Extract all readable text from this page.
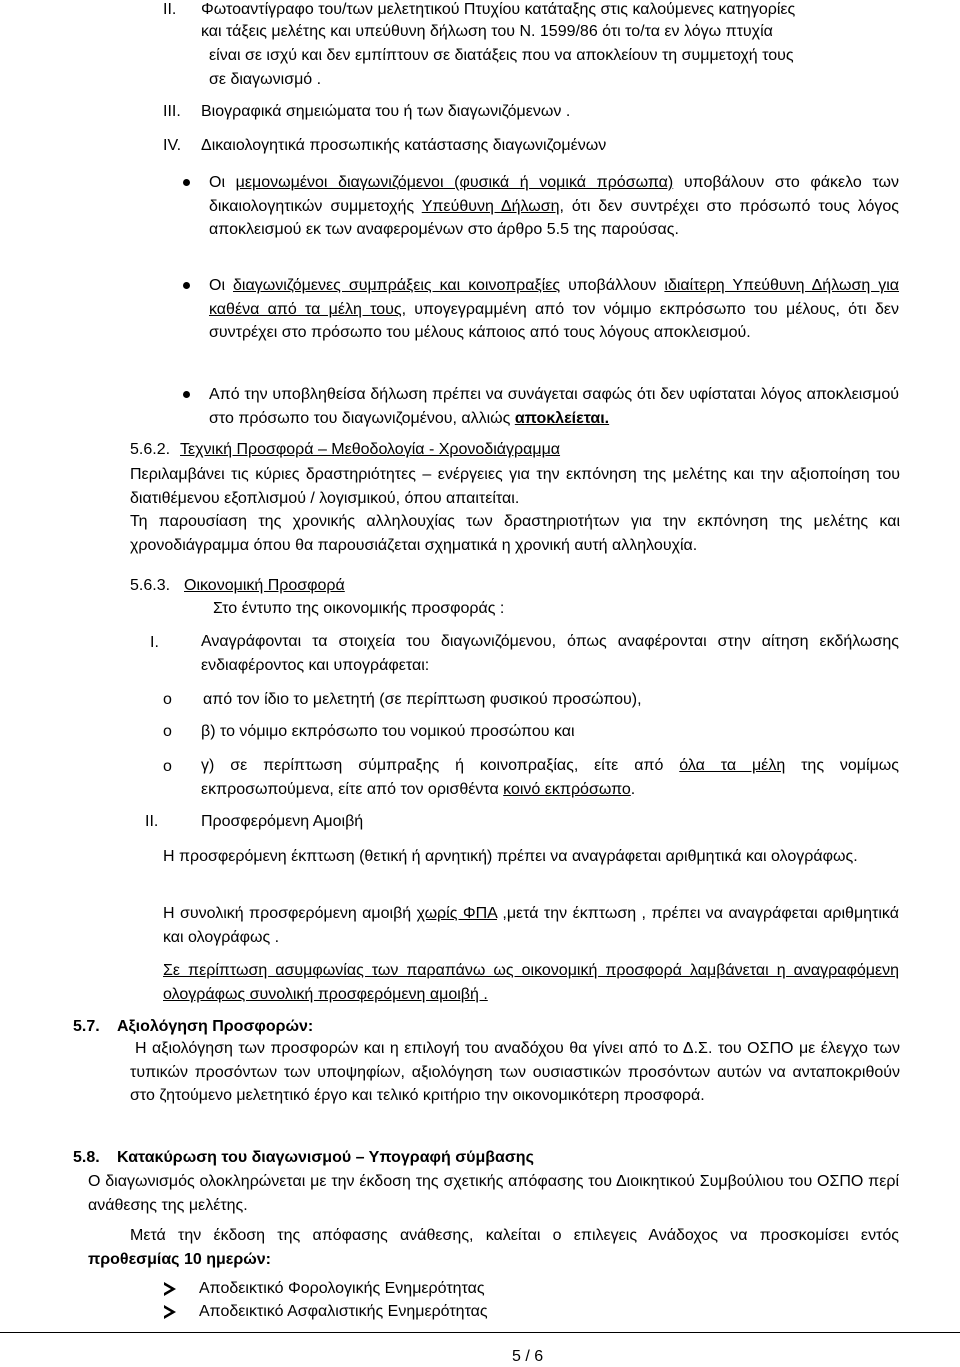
II. Φωτοαντίγραφο του/των μελετητικού Πτυχίου κατάταξης στις καλούμενες κατηγορίες
και τάξεις μελέτης και υπεύθυνη δήλωση του Ν. 1599/86 ότι το/τα εν λόγω πτυχία
είναι σε ισχύ και δεν εμπίπτουν σε διατάξεις που να αποκλείουν τη συμμετοχή τους
σε διαγωνισμό .
III. Βιογραφικά σημειώματα του ή των διαγωνιζόμενων .
IV. Δικαιολογητικά προσωπικής κατάστασης διαγωνιζομένων
Οι μεμονωμένοι διαγωνιζόμενοι (φυσικά ή νομικά πρόσωπα) υποβάλουν στο φάκελο των δικαιολογητικών συμμετοχής Υπεύθυνη Δήλωση, ότι δεν συντρέχει στο πρόσωπό τους λόγος αποκλεισμού εκ των αναφερομένων στο άρθρο 5.5 της παρούσας.
Οι διαγωνιζόμενες συμπράξεις και κοινοπραξίες υποβάλλουν ιδιαίτερη Υπεύθυνη Δήλωση για καθένα από τα μέλη τους, υπογεγραμμένη από τον νόμιμο εκπρόσωπο του μέλους, ότι δεν συντρέχει στο πρόσωπο του μέλους κάποιος από τους λόγους αποκλεισμού.
Από την υποβληθείσα δήλωση πρέπει να συνάγεται σαφώς ότι δεν υφίσταται λόγος αποκλεισμού στο πρόσωπο του διαγωνιζομένου, αλλιώς αποκλείεται.
5.6.2. Τεχνική Προσφορά – Μεθοδολογία - Χρονοδιάγραμμα
Περιλαμβάνει τις κύριες δραστηριότητες – ενέργειες για την εκπόνηση της μελέτης και την αξιοποίηση του διατιθέμενου εξοπλισμού / λογισμικού, όπου απαιτείται.
Τη παρουσίαση της χρονικής αλληλουχίας των δραστηριοτήτων για την εκπόνηση της μελέτης και χρονοδιάγραμμα όπου θα παρουσιάζεται σχηματικά η χρονική αυτή αλληλουχία.
5.6.3. Οικονομική Προσφορά
Στο έντυπο της οικονομικής προσφοράς :
I.	Αναγράφονται τα στοιχεία του διαγωνιζόμενου, όπως αναφέρονται στην αίτηση εκδήλωσης ενδιαφέροντος και υπογράφεται:
o από τον ίδιο το μελετητή (σε περίπτωση φυσικού προσώπου),
o β) το νόμιμο εκπρόσωπο του νομικού προσώπου και
o γ) σε περίπτωση σύμπραξης ή κοινοπραξίας, είτε από όλα τα μέλη της νομίμως εκπροσωπούμενα, είτε από τον ορισθέντα κοινό εκπρόσωπο.
II.	Προσφερόμενη Αμοιβή
Η προσφερόμενη έκπτωση (θετική ή αρνητική) πρέπει να αναγράφεται αριθμητικά και ολογράφως.
Η συνολική προσφερόμενη αμοιβή χωρίς ΦΠΑ ,μετά την έκπτωση , πρέπει να αναγράφεται αριθμητικά και ολογράφως .
Σε περίπτωση ασυμφωνίας των παραπάνω ως οικονομική προσφορά λαμβάνεται η αναγραφόμενη ολογράφως συνολική προσφερόμενη αμοιβή .
5.7. Αξιολόγηση Προσφορών:
Η αξιολόγηση των προσφορών και η επιλογή του αναδόχου θα γίνει από το Δ.Σ. του ΟΣΠΟ με έλεγχο των τυπικών προσόντων των υποψηφίων, αξιολόγηση των ουσιαστικών προσόντων αυτών να ανταποκριθούν στο ζητούμενο μελετητικό έργο και τελικό κριτήριο την οικονομικότερη προσφορά.
5.8. Κατακύρωση του διαγωνισμού – Υπογραφή σύμβασης
Ο διαγωνισμός ολοκληρώνεται με την έκδοση της σχετικής απόφασης του Διοικητικού Συμβούλιου του ΟΣΠΟ περί ανάθεσης της μελέτης.
Μετά την έκδοση της απόφασης ανάθεσης, καλείται ο επιλεγεις Ανάδοχος να προσκομίσει εντός προθεσμίας 10 ημερών:
Αποδεικτικό Φορολογικής Ενημερότητας
Αποδεικτικό Ασφαλιστικής Ενημερότητας
5 / 6
